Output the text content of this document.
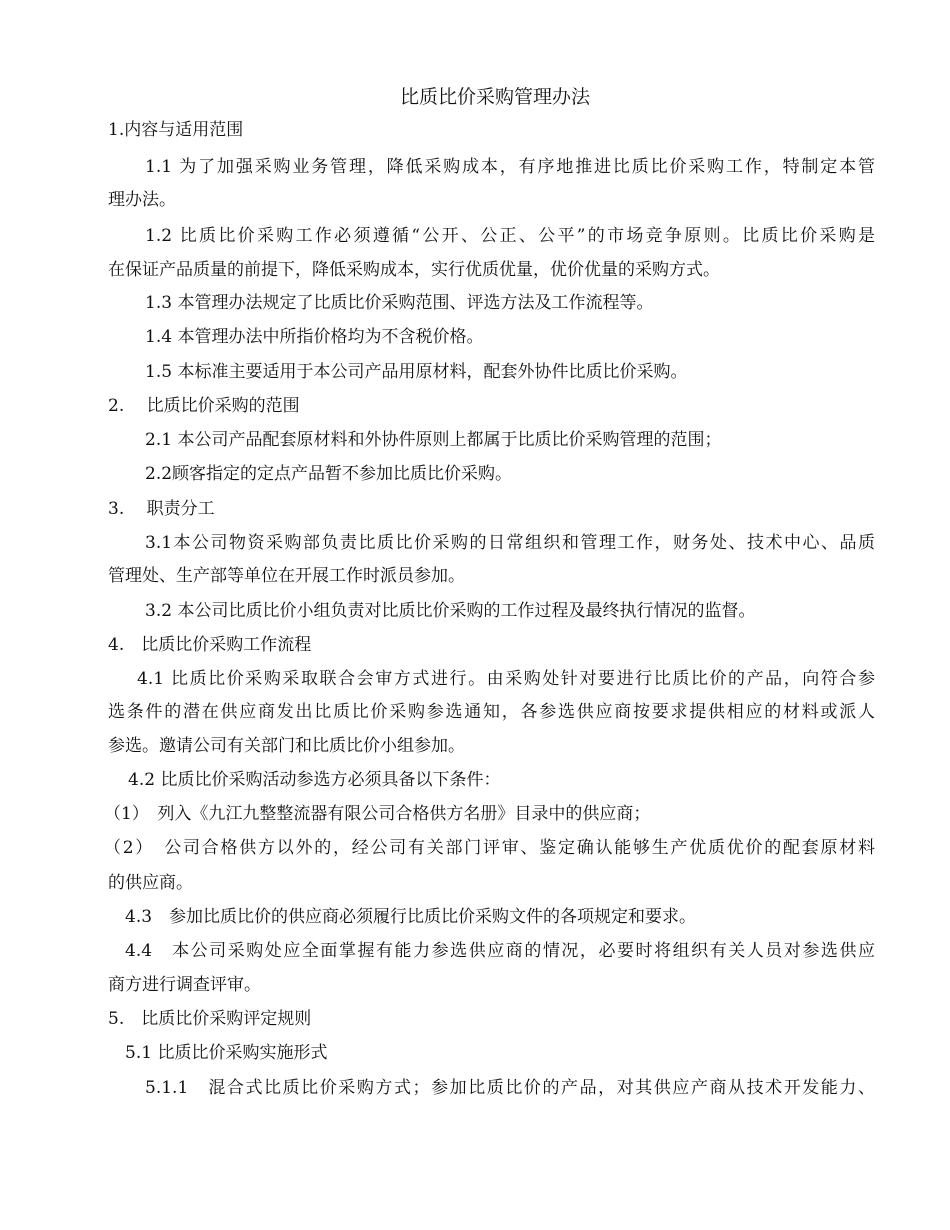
比质比价采购管理办法
1.内容与适用范围
1.1 为了加强采购业务管理，降低采购成本，有序地推进比质比价采购工作，特制定本管
理办法。
1.2 比质比价采购工作必须遵循“公开、公正、公平”的市场竞争原则。比质比价采购是
在保证产品质量的前提下，降低采购成本，实行优质优量，优价优量的采购方式。
1.3 本管理办法规定了比质比价采购范围、评选方法及工作流程等。
1.4 本管理办法中所指价格均为不含税价格。
1.5 本标准主要适用于本公司产品用原材料，配套外协件比质比价采购。
2.　 比质比价采购的范围
2.1 本公司产品配套原材料和外协件原则上都属于比质比价采购管理的范围；
2.2顾客指定的定点产品暂不参加比质比价采购。
3.　 职责分工
3.1本公司物资采购部负责比质比价采购的日常组织和管理工作，财务处、技术中心、品质
管理处、生产部等单位在开展工作时派员参加。
3.2 本公司比质比价小组负责对比质比价采购的工作过程及最终执行情况的监督。
4.　比质比价采购工作流程
4.1 比质比价采购采取联合会审方式进行。由采购处针对要进行比质比价的产品，向符合参
选条件的潜在供应商发出比质比价采购参选通知，各参选供应商按要求提供相应的材料或派人
参选。邀请公司有关部门和比质比价小组参加。
4.2 比质比价采购活动参选方必须具备以下条件：
（1）　列入《九江九整整流器有限公司合格供方名册》目录中的供应商；
（2）　公司合格供方以外的，经公司有关部门评审、鉴定确认能够生产优质优价的配套原材料
的供应商。
4.3　参加比质比价的供应商必须履行比质比价采购文件的各项规定和要求。
4.4　本公司采购处应全面掌握有能力参选供应商的情况，必要时将组织有关人员对参选供应
商方进行调查评审。
5.　比质比价采购评定规则
5.1 比质比价采购实施形式
5.1.1　混合式比质比价采购方式；参加比质比价的产品，对其供应产商从技术开发能力、
